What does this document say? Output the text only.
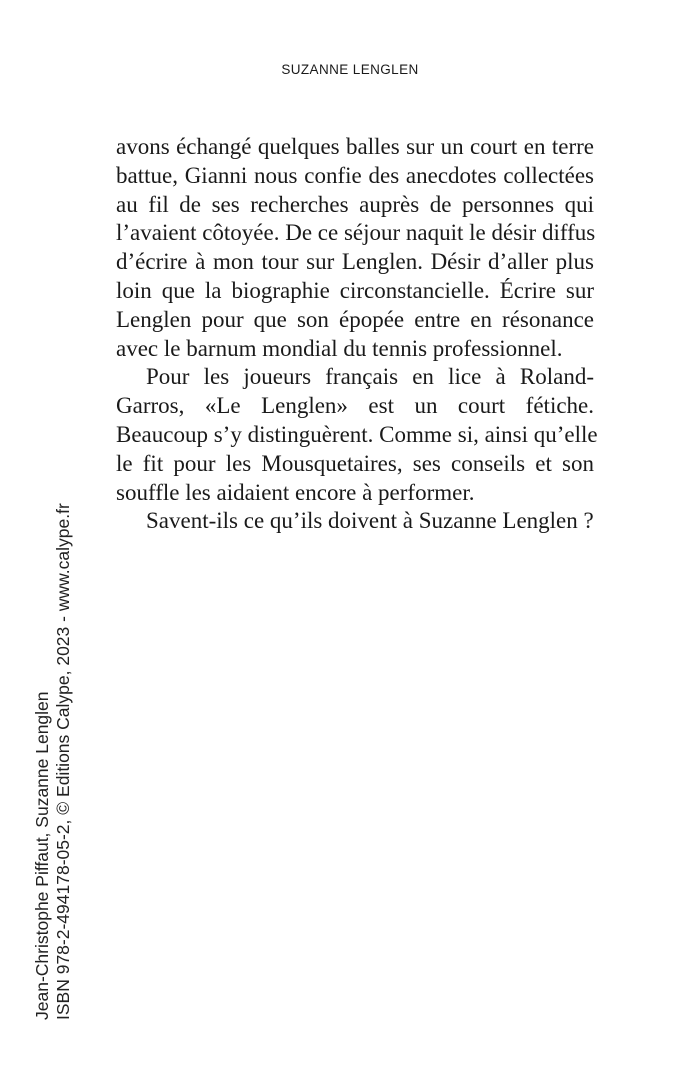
SUZANNE LENGLEN
avons échangé quelques balles sur un court en terre
battue, Gianni nous confie des anecdotes collectées
au fil de ses recherches auprès de personnes qui
l’avaient côtoyée. De ce séjour naquit le désir diffus
d’écrire à mon tour sur Lenglen. Désir d’aller plus
loin que la biographie circonstancielle. Écrire sur
Lenglen pour que son épopée entre en résonance
avec le barnum mondial du tennis professionnel.
Pour les joueurs français en lice à Roland-
Garros, «Le Lenglen» est un court fétiche.
Beaucoup s’y distinguèrent. Comme si, ainsi qu’elle
le fit pour les Mousquetaires, ses conseils et son
souffle les aidaient encore à performer.
Savent-ils ce qu’ils doivent à Suzanne Lenglen ?
Jean-Christophe Piffaut, Suzanne Lenglen ISBN 978-2-494178-05-2, © Editions Calype, 2023 - www.calype.fr
